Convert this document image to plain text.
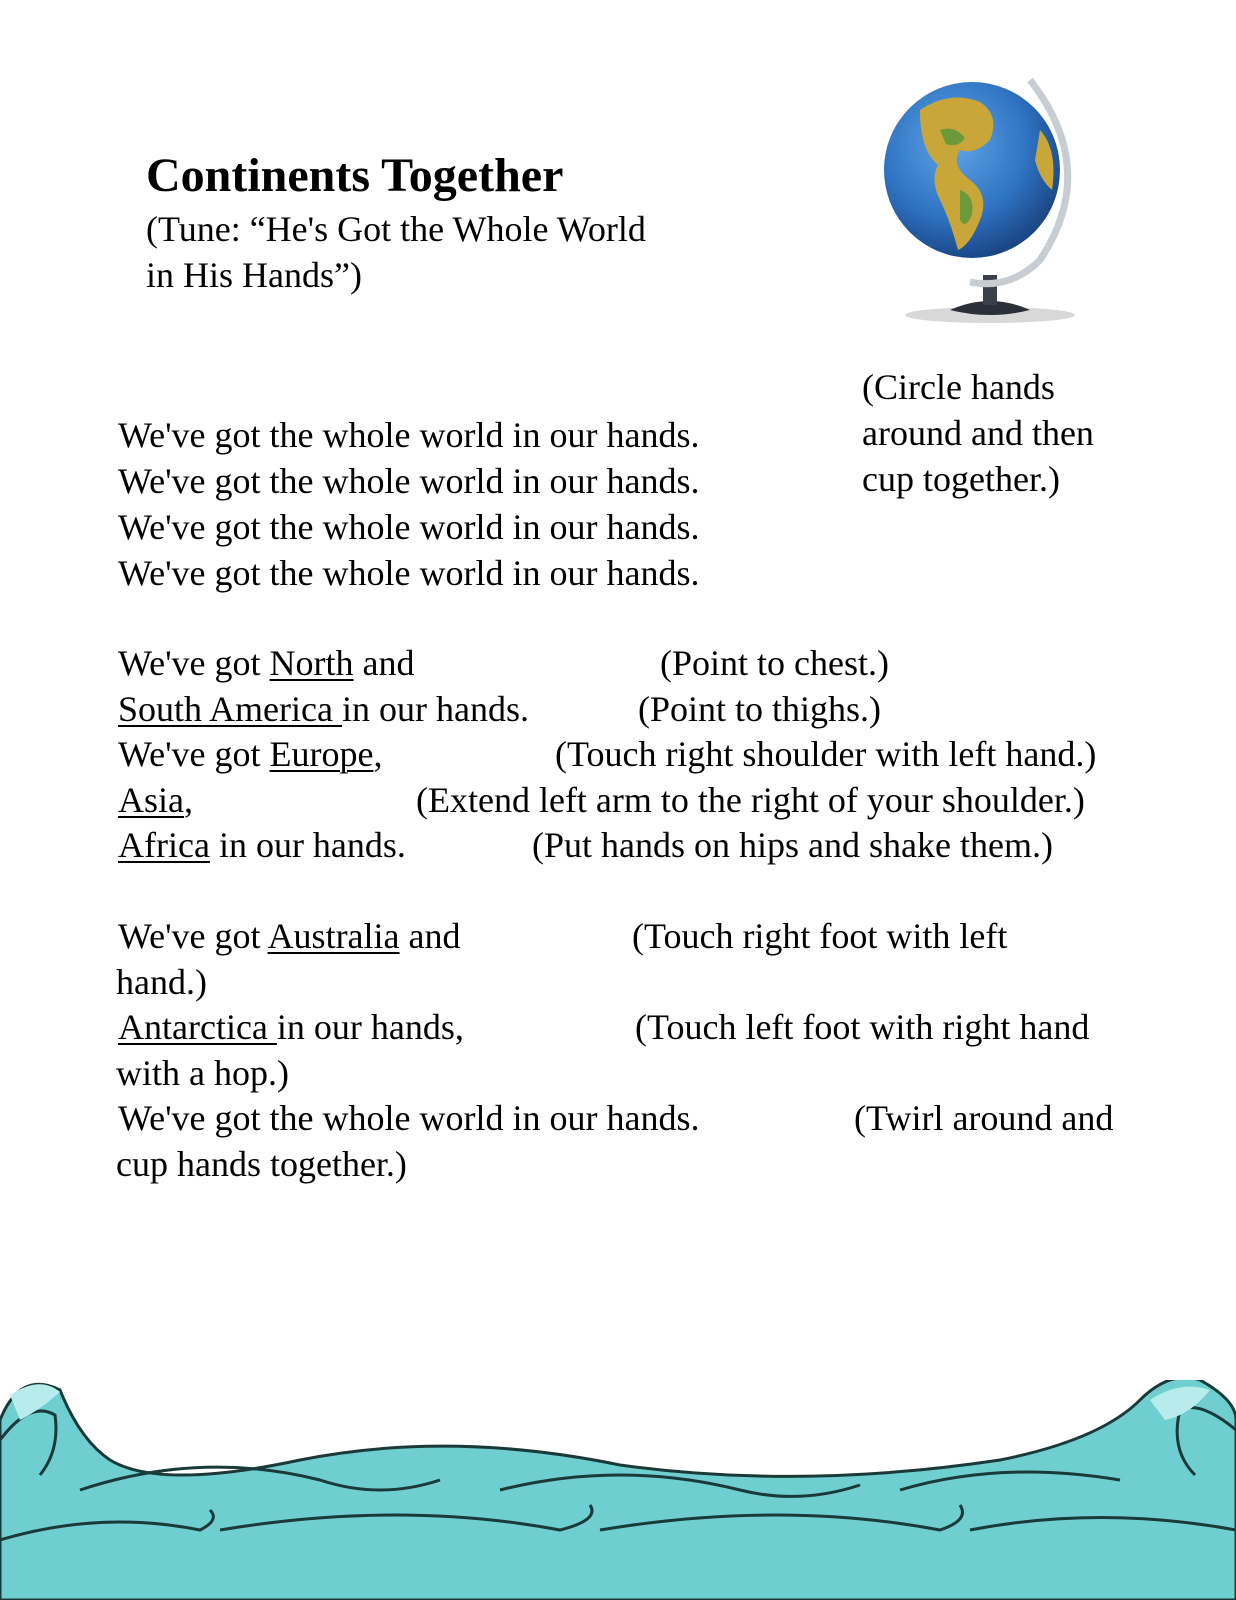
Continents Together
(Tune: “He's Got the Whole World
in His Hands”)
We've got the whole world in our hands.
We've got the whole world in our hands.
We've got the whole world in our hands.
We've got the whole world in our hands.
(Circle hands
around and then
cup together.)
We've got North and	(Point to chest.)
South America in our hands.	(Point to thighs.)
We've got Europe,	(Touch right shoulder with left hand.)
Asia,	(Extend left arm to the right of your shoulder.)
Africa in our hands.	(Put hands on hips and shake them.)
We've got Australia and	(Touch right foot with left
hand.)
Antarctica in our hands,	(Touch left foot with right hand
with a hop.)
We've got the whole world in our hands.	(Twirl around and
cup hands together.)
